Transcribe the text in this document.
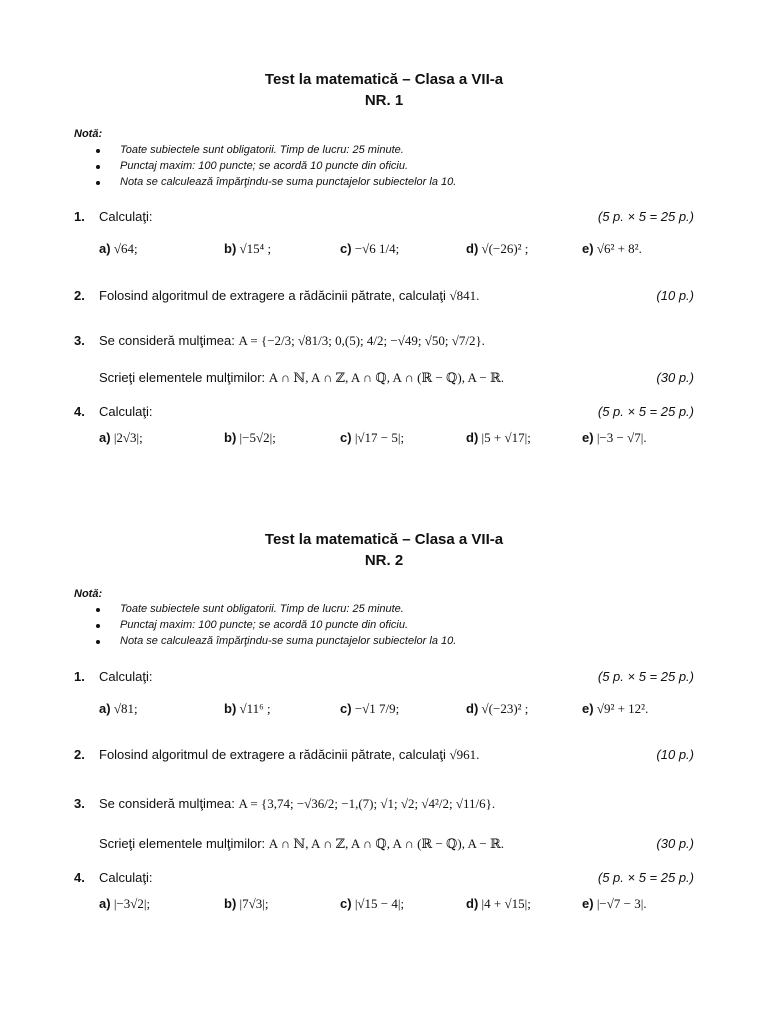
Test la matematică – Clasa a VII-a
NR. 1
Notă:
Toate subiectele sunt obligatorii. Timp de lucru: 25 minute.
Punctaj maxim: 100 puncte; se acordă 10 puncte din oficiu.
Nota se calculează împărţindu-se suma punctajelor subiectelor la 10.
1. Calculaţi:	(5 p. × 5 = 25 p.)
a) √64;	b) √15⁴ ;	c) −√6 1/4;	d) √(−26)² ;	e) √6² + 8².
2. Folosind algoritmul de extragere a rădăcinii pătrate, calculaţi √841.	(10 p.)
3. Se consideră mulţimea: A = {−2/3; √81/3; 0,(5); 4/2; −√49; √50; √7/2}.
Scrieţi elementele mulţimilor: A ∩ ℕ, A ∩ ℤ, A ∩ ℚ, A ∩ (ℝ − ℚ), A − ℝ.	(30 p.)
4. Calculaţi:	(5 p. × 5 = 25 p.)
a) |2√3|;	b) |−5√2|;	c) |√17 − 5|;	d) |5 + √17|;	e) |−3 − √7|.
Test la matematică – Clasa a VII-a
NR. 2
Notă:
Toate subiectele sunt obligatorii. Timp de lucru: 25 minute.
Punctaj maxim: 100 puncte; se acordă 10 puncte din oficiu.
Nota se calculează împărţindu-se suma punctajelor subiectelor la 10.
1. Calculaţi:	(5 p. × 5 = 25 p.)
a) √81;	b) √11⁶ ;	c) −√1 7/9;	d) √(−23)² ;	e) √9² + 12².
2. Folosind algoritmul de extragere a rădăcinii pătrate, calculaţi √961.	(10 p.)
3. Se consideră mulţimea: A = {3,74; −√36/2; −1,(7); √1; √2; √4²/2; √11/6}.
Scrieţi elementele mulţimilor: A ∩ ℕ, A ∩ ℤ, A ∩ ℚ, A ∩ (ℝ − ℚ), A − ℝ.	(30 p.)
4. Calculaţi:	(5 p. × 5 = 25 p.)
a) |−3√2|;	b) |7√3|;	c) |√15 − 4|;	d) |4 + √15|;	e) |−√7 − 3|.
